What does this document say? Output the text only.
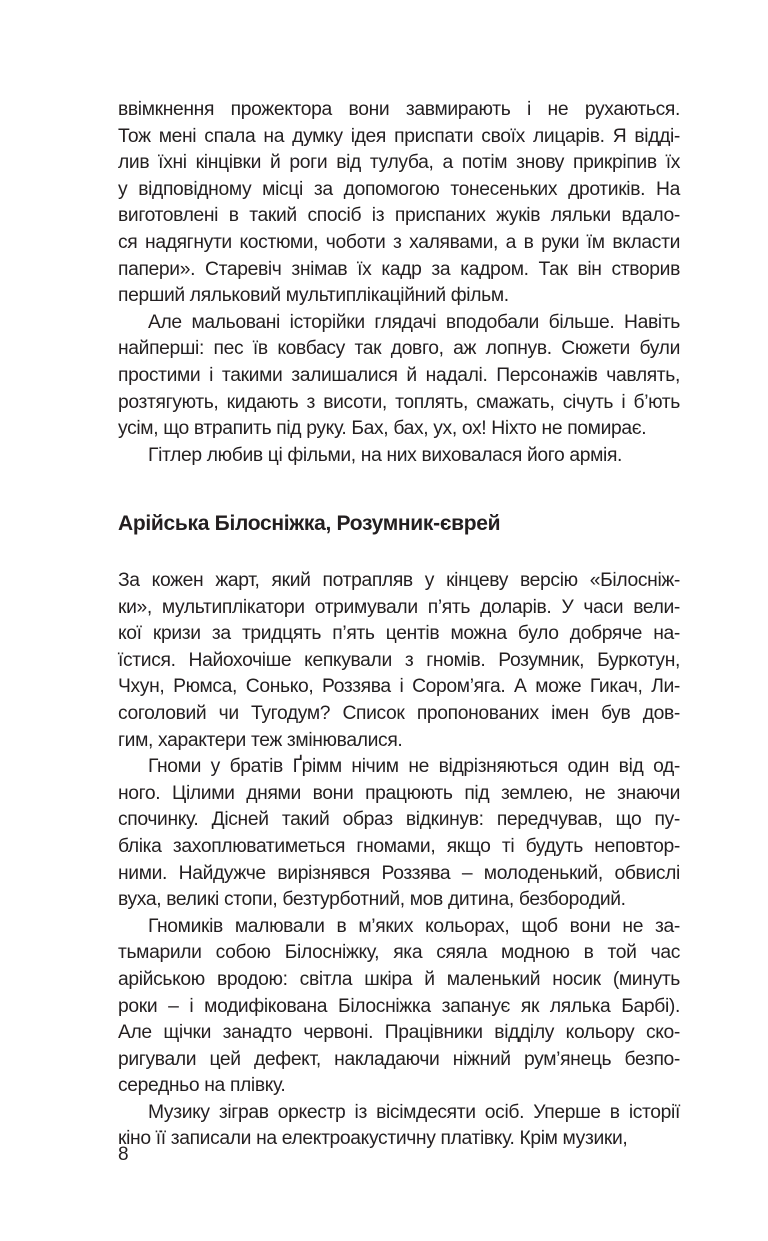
ввімкнення прожектора вони завмирають і не рухаються.
Тож мені спала на думку ідея приспати своїх лицарів. Я відді-
лив їхні кінцівки й роги від тулуба, а потім знову прикріпив їх
у відповідному місці за допомогою тонесеньких дротиків. На
виготовлені в такий спосіб із приспаних жуків ляльки вдало-
ся надягнути костюми, чоботи з халявами, а в руки їм вкласти
папери». Старевіч знімав їх кадр за кадром. Так він створив
перший ляльковий мультиплікаційний фільм.
Але мальовані історійки глядачі вподобали більше. Навіть
найперші: пес їв ковбасу так довго, аж лопнув. Сюжети були
простими і такими залишалися й надалі. Персонажів чавлять,
розтягують, кидають з висоти, топлять, смажать, січуть і б’ють
усім, що втрапить під руку. Бах, бах, ух, ох! Ніхто не помирає.
Гітлер любив ці фільми, на них виховалася його армія.
Арійська Білосніжка, Розумник-єврей
За кожен жарт, який потрапляв у кінцеву версію «Білосніж-
ки», мультиплікатори отримували п’ять доларів. У часи вели-
кої кризи за тридцять п’ять центів можна було добряче на-
їстися. Найохочіше кепкували з гномів. Розумник, Буркотун,
Чхун, Рюмса, Сонько, Роззява і Сором’яга. А може Гикач, Ли-
соголовий чи Тугодум? Список пропонованих імен був дов-
гим, характери теж змінювалися.
Гноми у братів Ґрімм нічим не відрізняються один від од-
ного. Цілими днями вони працюють під землею, не знаючи
спочинку. Дісней такий образ відкинув: передчував, що пу-
бліка захоплюватиметься гномами, якщо ті будуть неповтор-
ними. Найдужче вирізнявся Роззява – молоденький, обвислі
вуха, великі стопи, безтурботний, мов дитина, безбородий.
Гномиків малювали в м’яких кольорах, щоб вони не за-
тьмарили собою Білосніжку, яка сяяла модною в той час
арійською вродою: світла шкіра й маленький носик (минуть
роки – і модифікована Білосніжка запанує як лялька Барбі).
Але щічки занадто червоні. Працівники відділу кольору ско-
ригували цей дефект, накладаючи ніжний рум’янець безпо-
середньо на плівку.
Музику зіграв оркестр із вісімдесяти осіб. Уперше в історії
кіно її записали на електроакустичну платівку. Крім музики,
8
